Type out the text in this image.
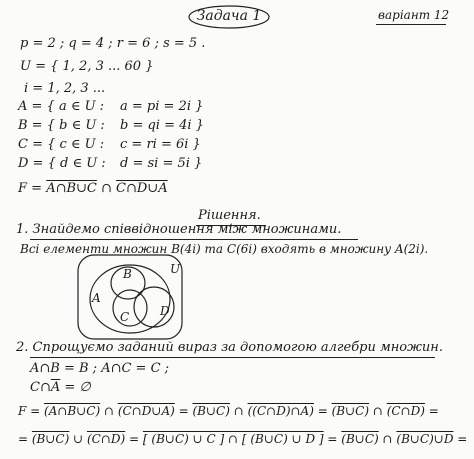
Задача 1	варіант 12
p = 2 ; q = 4 ; r = 6 ; s = 5 .
U = { 1, 2, 3 ... 60 }
i = 1, 2, 3 ...
A = { a ∈ U : a = pi = 2i }
B = { b ∈ U : b = qi = 4i }
C = { c ∈ U : c = ri = 6i }
D = { d ∈ U : d = si = 5i }
F = A∩B∪C ∩ C∩D∪A
Рішення.
1. Знайдемо співвідношення між множинами.
Всі елементи множин B(4i) та C(6i) входять в множину A(2i).
A
B
C	D
U
2. Спрощуємо заданий вираз за допомогою алгебри множин.
A∩B = B ; A∩C = C ;
$C\cap\overline{A}$ = ∅
F = (A∩B∪C) ∩ (C∩D∪A) = (B∪C) ∩ ((C∩D)∩A) = (B∪C) ∩ (C∩D) =
= (B∪C) ∪ (C∩D) = [ (B∪C) ∪ C ] ∩ [ (B∪C) ∪ D ] = (B∪C) ∩ (B∪C)∪D =
